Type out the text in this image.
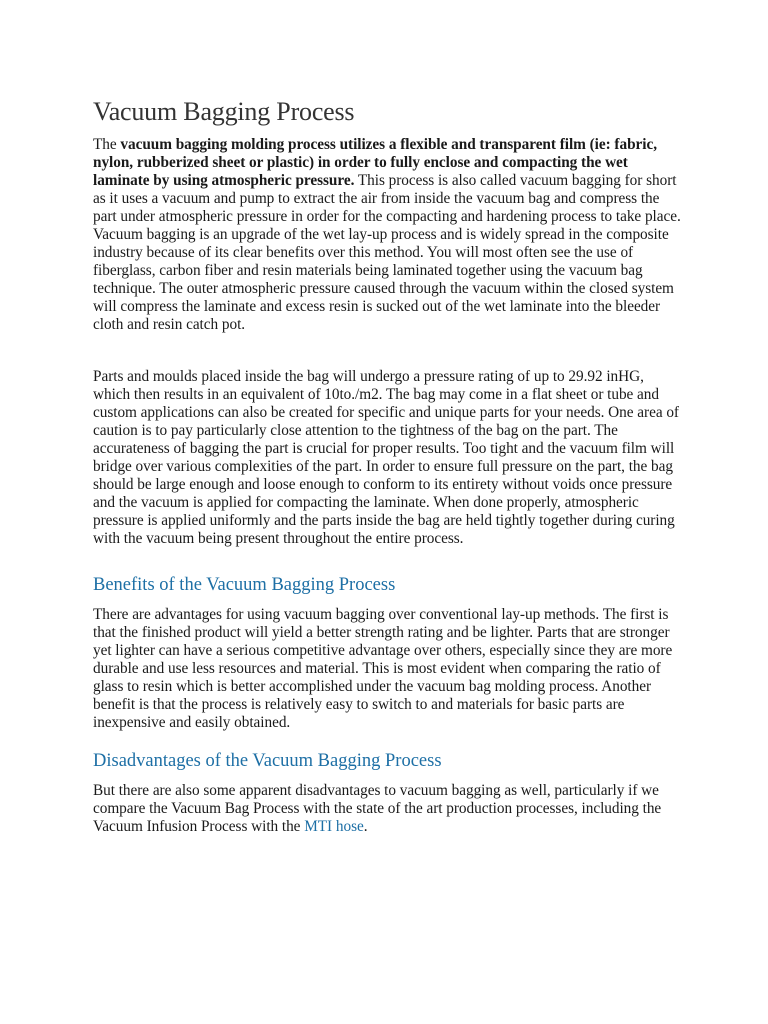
Vacuum Bagging Process

The vacuum bagging molding process utilizes a flexible and transparent film (ie: fabric, nylon, rubberized sheet or plastic) in order to fully enclose and compacting the wet laminate by using atmospheric pressure. This process is also called vacuum bagging for short as it uses a vacuum and pump to extract the air from inside the vacuum bag and compress the part under atmospheric pressure in order for the compacting and hardening process to take place. Vacuum bagging is an upgrade of the wet lay-up process and is widely spread in the composite industry because of its clear benefits over this method. You will most often see the use of fiberglass, carbon fiber and resin materials being laminated together using the vacuum bag technique. The outer atmospheric pressure caused through the vacuum within the closed system will compress the laminate and excess resin is sucked out of the wet laminate into the bleeder cloth and resin catch pot.

Parts and moulds placed inside the bag will undergo a pressure rating of up to 29.92 inHG, which then results in an equivalent of 10to./m2. The bag may come in a flat sheet or tube and custom applications can also be created for specific and unique parts for your needs. One area of caution is to pay particularly close attention to the tightness of the bag on the part. The accurateness of bagging the part is crucial for proper results. Too tight and the vacuum film will bridge over various complexities of the part. In order to ensure full pressure on the part, the bag should be large enough and loose enough to conform to its entirety without voids once pressure and the vacuum is applied for compacting the laminate. When done properly, atmospheric pressure is applied uniformly and the parts inside the bag are held tightly together during curing with the vacuum being present throughout the entire process.

Benefits of the Vacuum Bagging Process

There are advantages for using vacuum bagging over conventional lay-up methods. The first is that the finished product will yield a better strength rating and be lighter. Parts that are stronger yet lighter can have a serious competitive advantage over others, especially since they are more durable and use less resources and material. This is most evident when comparing the ratio of glass to resin which is better accomplished under the vacuum bag molding process. Another benefit is that the process is relatively easy to switch to and materials for basic parts are inexpensive and easily obtained.

Disadvantages of the Vacuum Bagging Process

But there are also some apparent disadvantages to vacuum bagging as well, particularly if we compare the Vacuum Bag Process with the state of the art production processes, including the Vacuum Infusion Process with the MTI hose.
